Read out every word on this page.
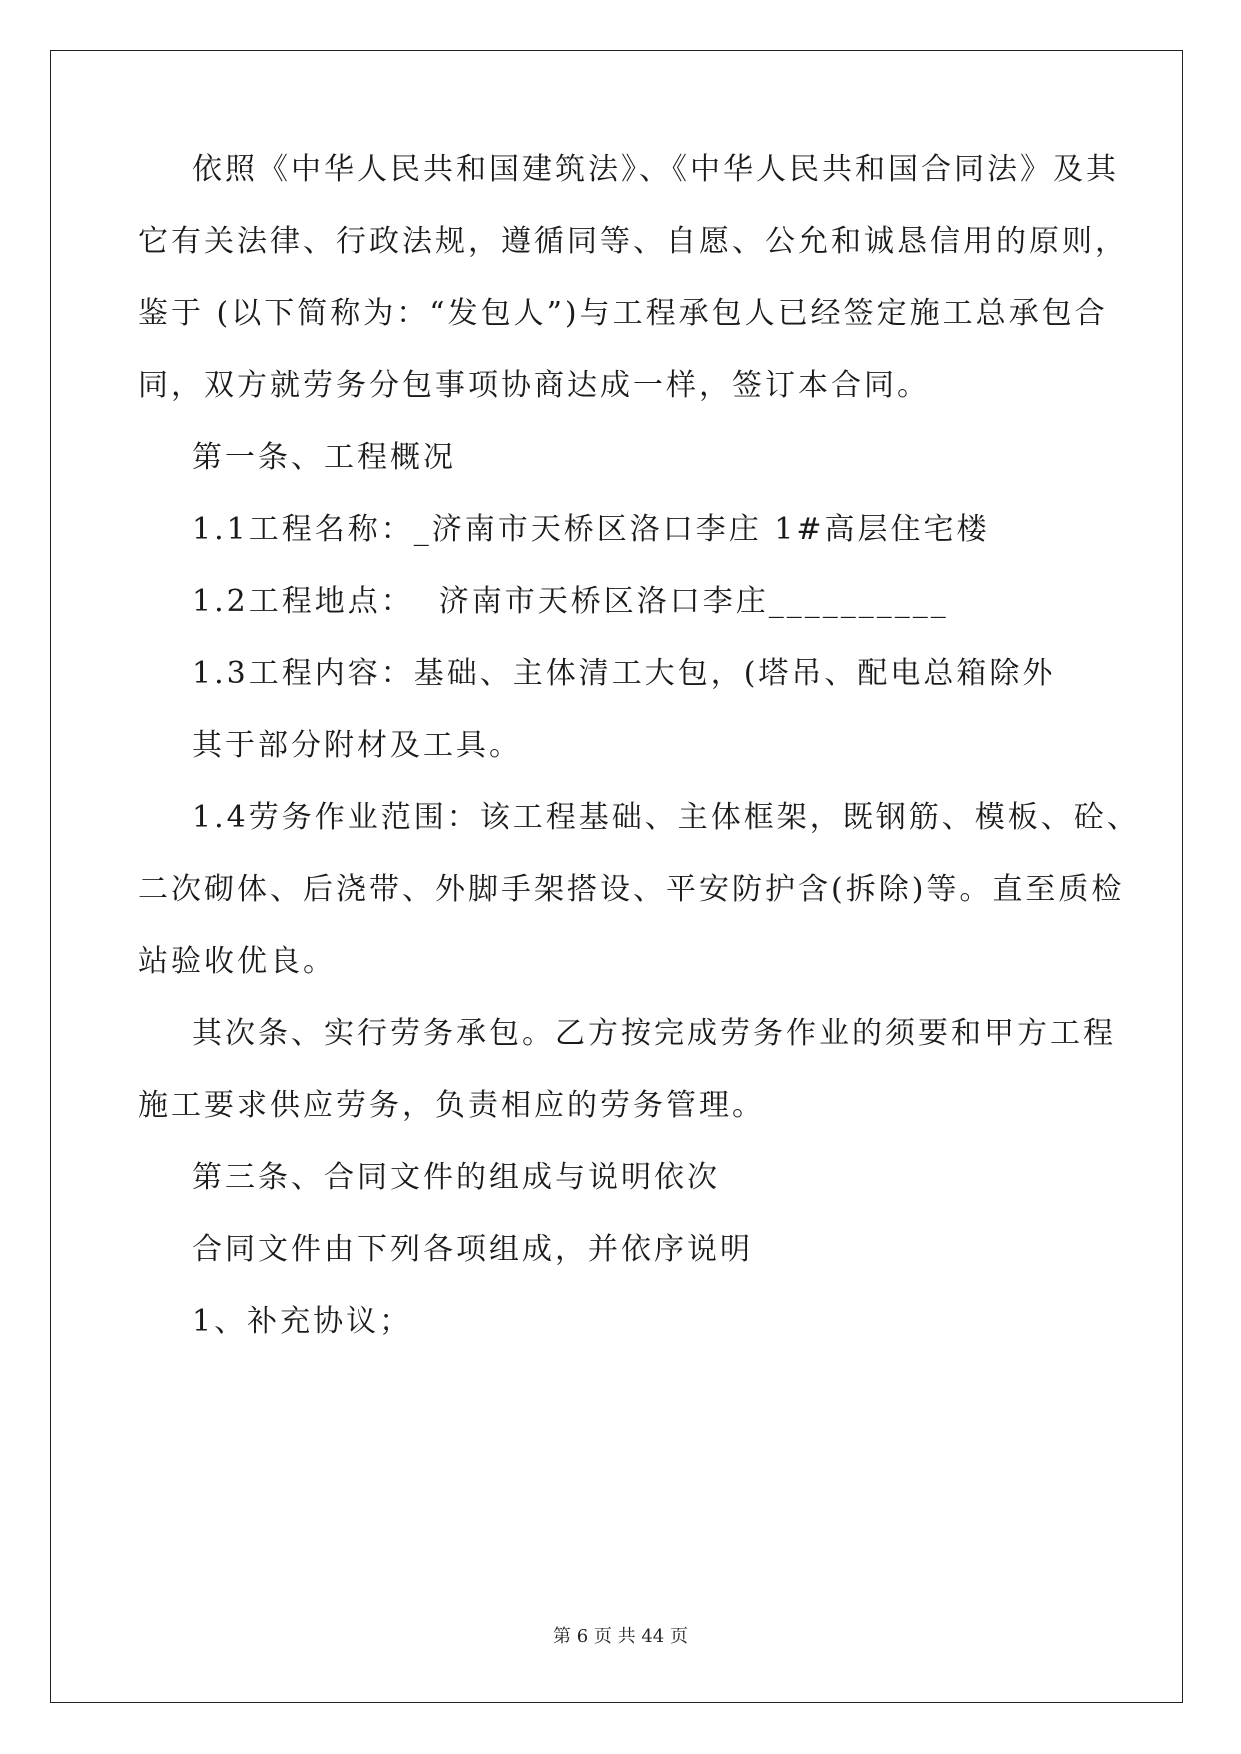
依照《中华人民共和国建筑法》、《中华人民共和国合同法》及其
它有关法律、行政法规，遵循同等、自愿、公允和诚恳信用的原则，
鉴于 (以下简称为：“发包人”)与工程承包人已经签定施工总承包合
同，双方就劳务分包事项协商达成一样，签订本合同。
第一条、工程概况
1.1工程名称：_济南市天桥区洛口李庄 1#高层住宅楼
1.2工程地点：  济南市天桥区洛口李庄__________
1.3工程内容：基础、主体清工大包，(塔吊、配电总箱除外
其于部分附材及工具。
1.4劳务作业范围：该工程基础、主体框架，既钢筋、模板、砼、
二次砌体、后浇带、外脚手架搭设、平安防护含(拆除)等。直至质检
站验收优良。
其次条、实行劳务承包。乙方按完成劳务作业的须要和甲方工程
施工要求供应劳务，负责相应的劳务管理。
第三条、合同文件的组成与说明依次
合同文件由下列各项组成，并依序说明
1、补充协议；
第 6 页 共 44 页
